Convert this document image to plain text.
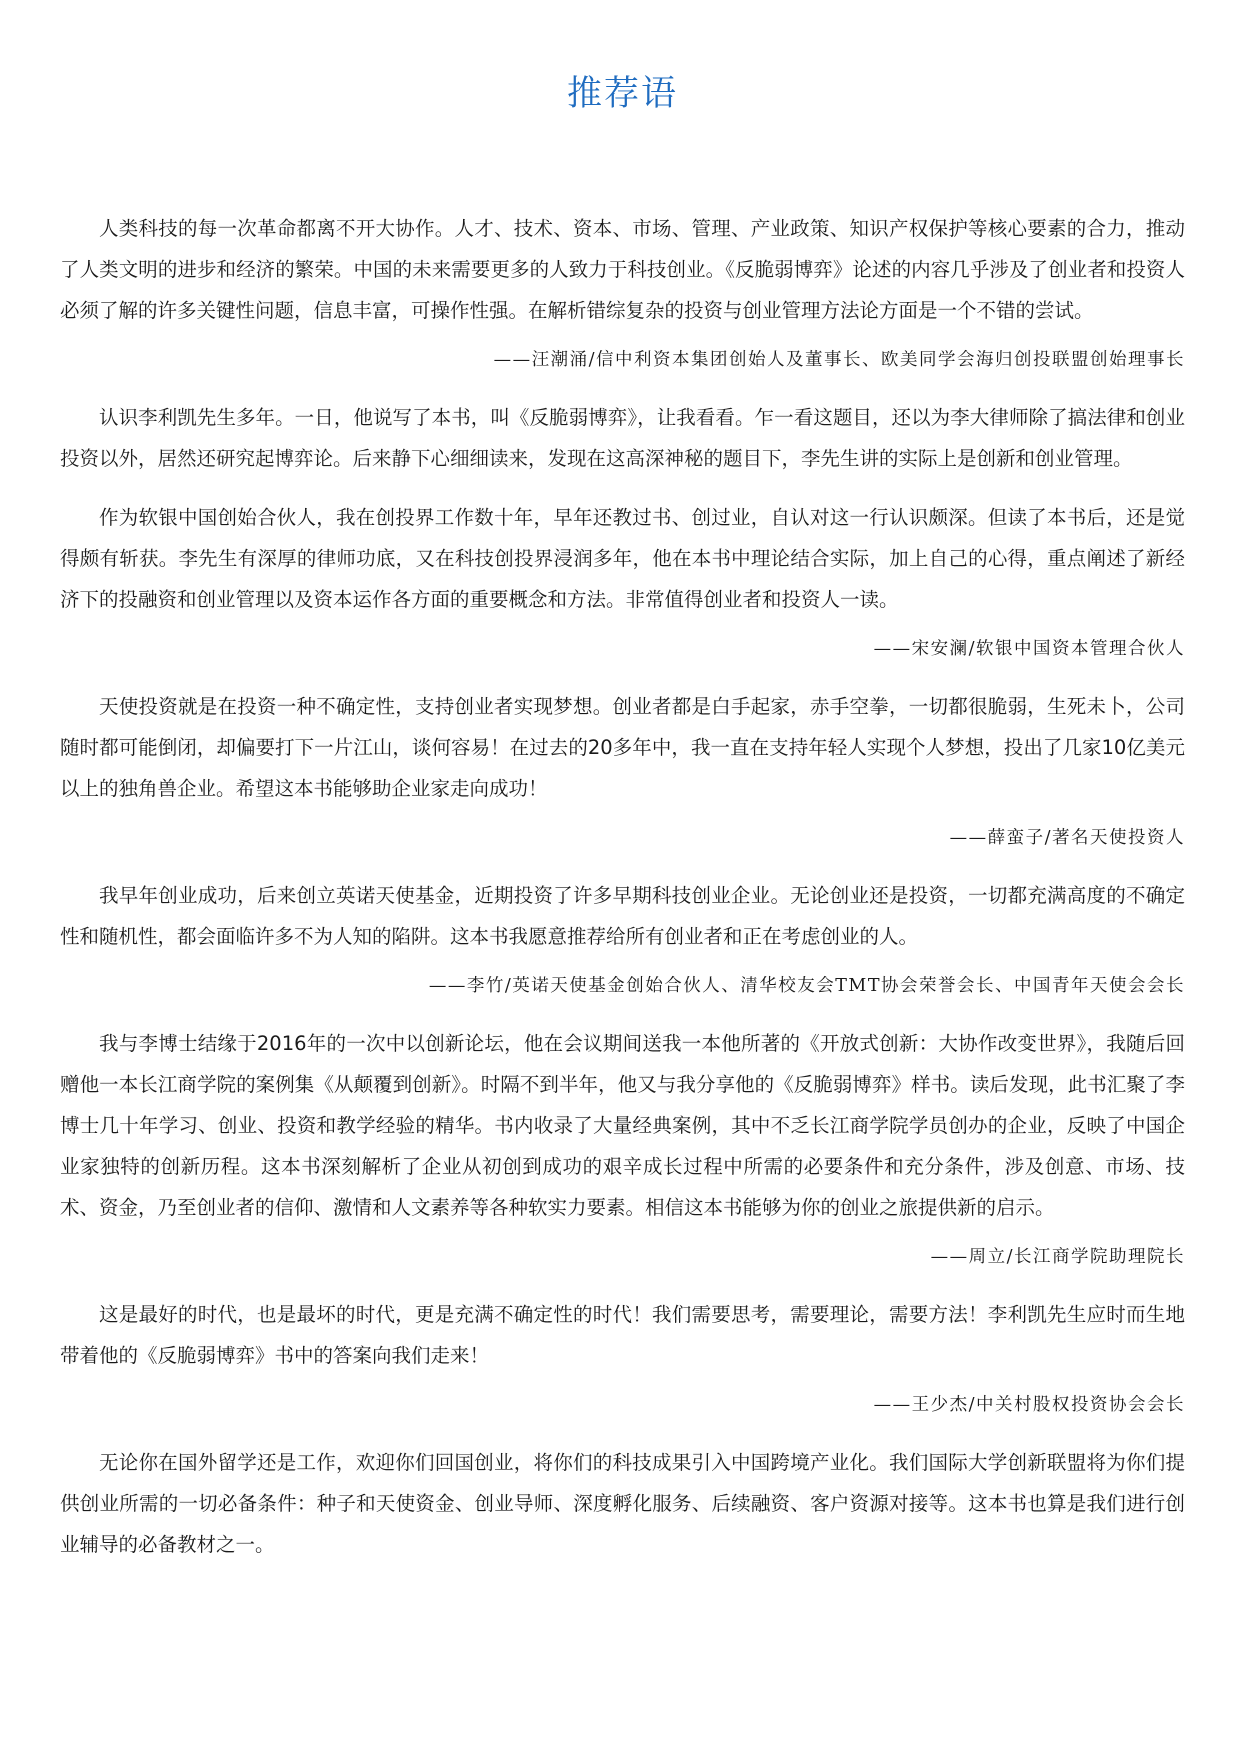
推荐语

人类科技的每一次革命都离不开大协作。人才、技术、资本、市场、管理、产业政策、知识产权保护等核心要素的合力，推动了人类文明的进步和经济的繁荣。中国的未来需要更多的人致力于科技创业。《反脆弱博弈》论述的内容几乎涉及了创业者和投资人必须了解的许多关键性问题，信息丰富，可操作性强。在解析错综复杂的投资与创业管理方法论方面是一个不错的尝试。

——汪潮涌/信中利资本集团创始人及董事长、欧美同学会海归创投联盟创始理事长

认识李利凯先生多年。一日，他说写了本书，叫《反脆弱博弈》，让我看看。乍一看这题目，还以为李大律师除了搞法律和创业投资以外，居然还研究起博弈论。后来静下心细细读来，发现在这高深神秘的题目下，李先生讲的实际上是创新和创业管理。

作为软银中国创始合伙人，我在创投界工作数十年，早年还教过书、创过业，自认对这一行认识颇深。但读了本书后，还是觉得颇有斩获。李先生有深厚的律师功底，又在科技创投界浸润多年，他在本书中理论结合实际，加上自己的心得，重点阐述了新经济下的投融资和创业管理以及资本运作各方面的重要概念和方法。非常值得创业者和投资人一读。

——宋安澜/软银中国资本管理合伙人

天使投资就是在投资一种不确定性，支持创业者实现梦想。创业者都是白手起家，赤手空拳，一切都很脆弱，生死未卜，公司随时都可能倒闭，却偏要打下一片江山，谈何容易！在过去的20多年中，我一直在支持年轻人实现个人梦想，投出了几家10亿美元以上的独角兽企业。希望这本书能够助企业家走向成功！

——薛蛮子/著名天使投资人

我早年创业成功，后来创立英诺天使基金，近期投资了许多早期科技创业企业。无论创业还是投资，一切都充满高度的不确定性和随机性，都会面临许多不为人知的陷阱。这本书我愿意推荐给所有创业者和正在考虑创业的人。

——李竹/英诺天使基金创始合伙人、清华校友会TMT协会荣誉会长、中国青年天使会会长

我与李博士结缘于2016年的一次中以创新论坛，他在会议期间送我一本他所著的《开放式创新：大协作改变世界》，我随后回赠他一本长江商学院的案例集《从颠覆到创新》。时隔不到半年，他又与我分享他的《反脆弱博弈》样书。读后发现，此书汇聚了李博士几十年学习、创业、投资和教学经验的精华。书内收录了大量经典案例，其中不乏长江商学院学员创办的企业，反映了中国企业家独特的创新历程。这本书深刻解析了企业从初创到成功的艰辛成长过程中所需的必要条件和充分条件，涉及创意、市场、技术、资金，乃至创业者的信仰、激情和人文素养等各种软实力要素。相信这本书能够为你的创业之旅提供新的启示。

——周立/长江商学院助理院长

这是最好的时代，也是最坏的时代，更是充满不确定性的时代！我们需要思考，需要理论，需要方法！李利凯先生应时而生地带着他的《反脆弱博弈》书中的答案向我们走来！

——王少杰/中关村股权投资协会会长

无论你在国外留学还是工作，欢迎你们回国创业，将你们的科技成果引入中国跨境产业化。我们国际大学创新联盟将为你们提供创业所需的一切必备条件：种子和天使资金、创业导师、深度孵化服务、后续融资、客户资源对接等。这本书也算是我们进行创业辅导的必备教材之一。
